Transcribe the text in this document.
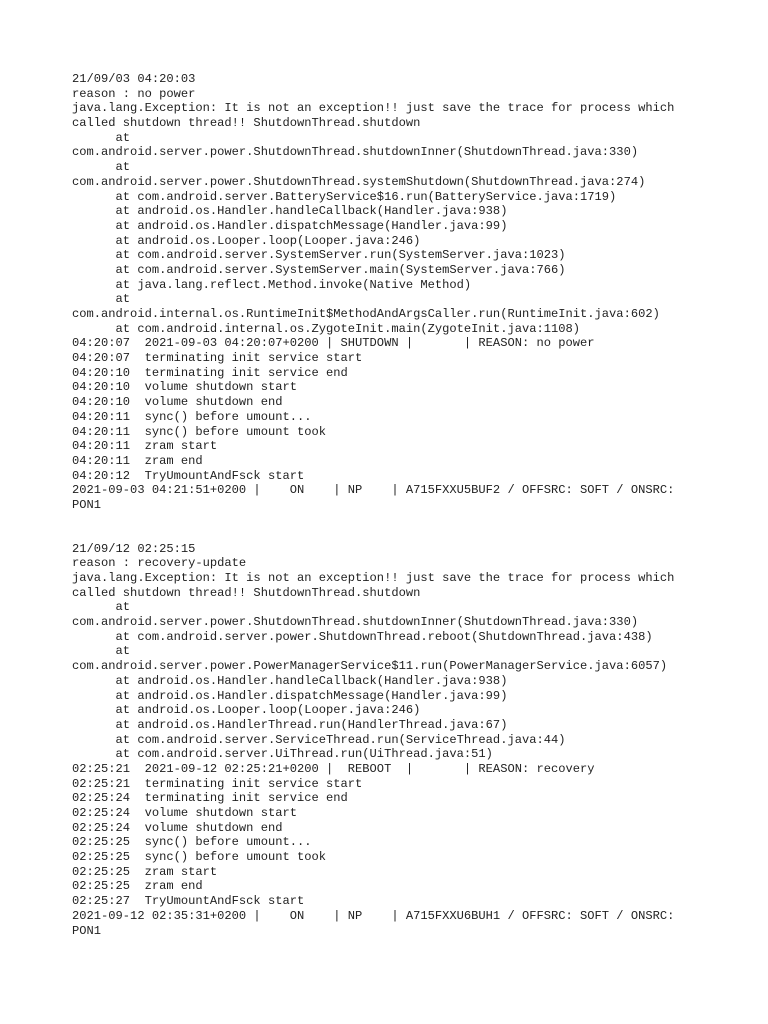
21/09/03 04:20:03
reason : no power
java.lang.Exception: It is not an exception!! just save the trace for process which
called shutdown thread!! ShutdownThread.shutdown
at
com.android.server.power.ShutdownThread.shutdownInner(ShutdownThread.java:330)
at
com.android.server.power.ShutdownThread.systemShutdown(ShutdownThread.java:274)
at com.android.server.BatteryService$16.run(BatteryService.java:1719)
at android.os.Handler.handleCallback(Handler.java:938)
at android.os.Handler.dispatchMessage(Handler.java:99)
at android.os.Looper.loop(Looper.java:246)
at com.android.server.SystemServer.run(SystemServer.java:1023)
at com.android.server.SystemServer.main(SystemServer.java:766)
at java.lang.reflect.Method.invoke(Native Method)
at
com.android.internal.os.RuntimeInit$MethodAndArgsCaller.run(RuntimeInit.java:602)
at com.android.internal.os.ZygoteInit.main(ZygoteInit.java:1108)
04:20:07  2021-09-03 04:20:07+0200 | SHUTDOWN |       | REASON: no power
04:20:07  terminating init service start
04:20:10  terminating init service end
04:20:10  volume shutdown start
04:20:10  volume shutdown end
04:20:11  sync() before umount...
04:20:11  sync() before umount took
04:20:11  zram start
04:20:11  zram end
04:20:12  TryUmountAndFsck start
2021-09-03 04:21:51+0200 |    ON    | NP    | A715FXXU5BUF2 / OFFSRC: SOFT / ONSRC:
PON1
21/09/12 02:25:15
reason : recovery-update
java.lang.Exception: It is not an exception!! just save the trace for process which
called shutdown thread!! ShutdownThread.shutdown
at
com.android.server.power.ShutdownThread.shutdownInner(ShutdownThread.java:330)
at com.android.server.power.ShutdownThread.reboot(ShutdownThread.java:438)
at
com.android.server.power.PowerManagerService$11.run(PowerManagerService.java:6057)
at android.os.Handler.handleCallback(Handler.java:938)
at android.os.Handler.dispatchMessage(Handler.java:99)
at android.os.Looper.loop(Looper.java:246)
at android.os.HandlerThread.run(HandlerThread.java:67)
at com.android.server.ServiceThread.run(ServiceThread.java:44)
at com.android.server.UiThread.run(UiThread.java:51)
02:25:21  2021-09-12 02:25:21+0200 |  REBOOT  |       | REASON: recovery
02:25:21  terminating init service start
02:25:24  terminating init service end
02:25:24  volume shutdown start
02:25:24  volume shutdown end
02:25:25  sync() before umount...
02:25:25  sync() before umount took
02:25:25  zram start
02:25:25  zram end
02:25:27  TryUmountAndFsck start
2021-09-12 02:35:31+0200 |    ON    | NP    | A715FXXU6BUH1 / OFFSRC: SOFT / ONSRC:
PON1
